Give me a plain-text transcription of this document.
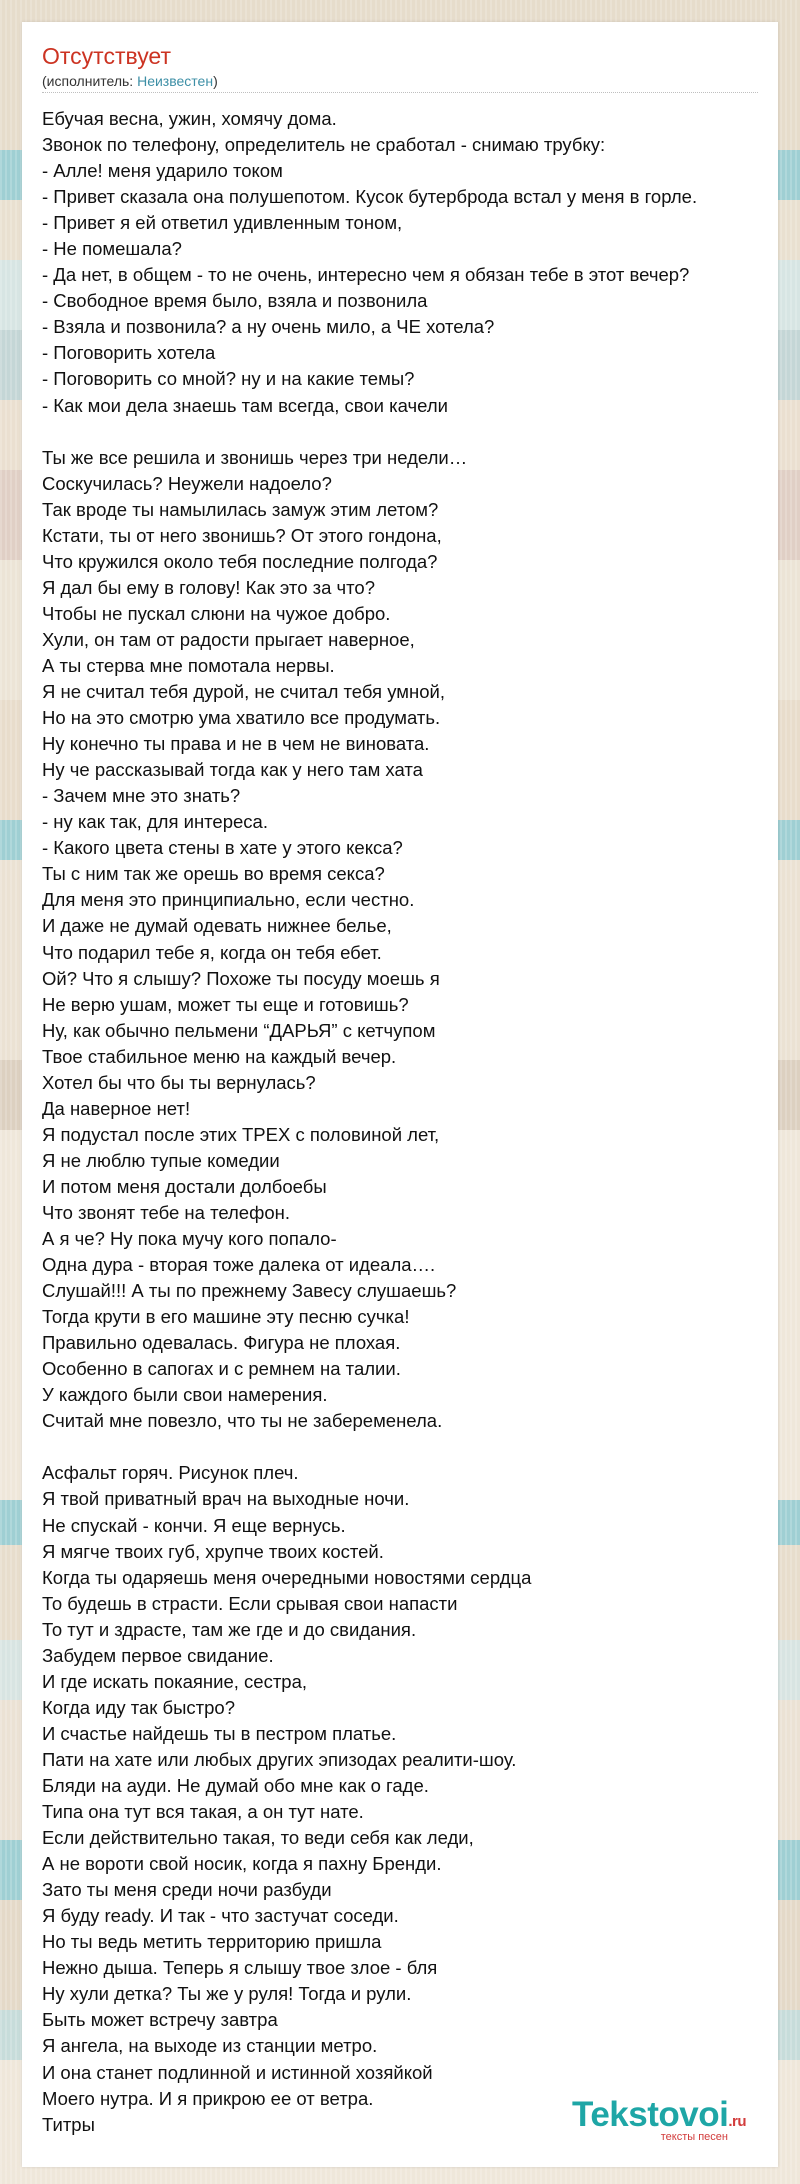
Отсутствует
(исполнитель: Неизвестен)
Ебучая весна, ужин, хомячу дома.
Звонок по телефону, определитель не сработал - снимаю трубку:
- Алле! меня ударило током
- Привет сказала она полушепотом. Кусок бутерброда встал у меня в горле.
- Привет я ей ответил удивленным тоном,
- Не помешала?
- Да нет, в общем - то не очень, интересно чем я обязан тебе в этот вечер?
- Свободное время было, взяла и позвонила
- Взяла и позвонила? а ну очень мило, а ЧЕ хотела?
- Поговорить хотела
- Поговорить со мной? ну и на какие темы?
- Как мои дела знаешь там всегда, свои качели
Ты же все решила и звонишь через три недели…
Соскучилась? Неужели надоело?
Так вроде ты намылилась замуж этим летом?
Кстати, ты от него звонишь? От этого гондона,
Что кружился около тебя последние полгода?
Я дал бы ему в голову! Как это за что?
Чтобы не пускал слюни на чужое добро.
Хули, он там от радости прыгает наверное,
А ты стерва мне помотала нервы.
Я не считал тебя дурой, не считал тебя умной,
Но на это смотрю ума хватило все продумать.
Ну конечно ты права и не в чем не виновата.
Ну че рассказывай тогда как у него там хата
- Зачем мне это знать?
- ну как так, для интереса.
- Какого цвета стены в хате у этого кекса?
Ты с ним так же орешь во время секса?
Для меня это принципиально, если честно.
И даже не думай одевать нижнее белье,
Что подарил тебе я, когда он тебя ебет.
Ой? Что я слышу? Похоже ты посуду моешь я
Не верю ушам, может ты еще и готовишь?
Ну, как обычно пельмени “ДАРЬЯ” с кетчупом
Твое стабильное меню на каждый вечер.
Хотел бы что бы ты вернулась?
Да наверное нет!
Я подустал после этих ТРЕХ с половиной лет,
Я не люблю тупые комедии
И потом меня достали долбоебы
Что звонят тебе на телефон.
А я че? Ну пока мучу кого попало-
Одна дура - вторая тоже далека от идеала….
Слушай!!! А ты по прежнему Завесу слушаешь?
Тогда крути в его машине эту песню сучка!
Правильно одевалась. Фигура не плохая.
Особенно в сапогах и с ремнем на талии.
У каждого были свои намерения.
Считай мне повезло, что ты не забеременела.
Асфальт горяч. Рисунок плеч.
Я твой приватный врач на выходные ночи.
Не спускай - кончи. Я еще вернусь.
Я мягче твоих губ, хрупче твоих костей.
Когда ты одаряешь меня очередными новостями сердца
То будешь в страсти. Если срывая свои напасти
То тут и здрасте, там же где и до свидания.
Забудем первое свидание.
И где искать покаяние, сестра,
Когда иду так быстро?
И счастье найдешь ты в пестром платье.
Пати на хате или любых других эпизодах реалити-шоу.
Бляди на ауди. Не думай обо мне как о гаде.
Типа она тут вся такая, а он тут нате.
Если действительно такая, то веди себя как леди,
А не вороти свой носик, когда я пахну Бренди.
Зато ты меня среди ночи разбуди
Я буду ready. И так - что застучат соседи.
Но ты ведь метить территорию пришла
Нежно дыша. Теперь я слышу твое злое - бля
Ну хули детка? Ты же у руля! Тогда и рули.
Быть может встречу завтра
Я ангела, на выходе из станции метро.
И она станет подлинной и истинной хозяйкой
Моего нутра. И я прикрою ее от ветра.
Титры	Tekstovoi.ru
тексты песен
